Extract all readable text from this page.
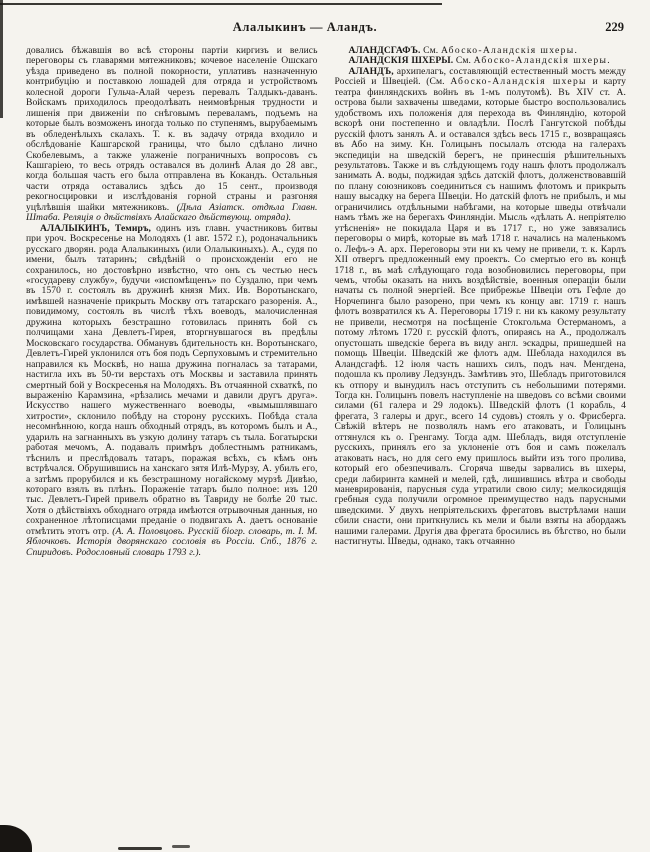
Алалыкинъ — Аландъ.	229

довались бѣжавшія во всѣ стороны партіи киргизъ и велись переговоры съ главарями мятежниковъ; кочевое населеніе Ошскаго уѣзда приведено въ полной покорности, уплативъ назначенную контрибуцію и поставкою лошадей для отряда и устройствомъ колесной дороги Гульча-Алай черезъ перевалъ Талдыкъ-даванъ. Войскамъ приходилось преодолѣвать неимовѣрныя трудности и лишенія при движеніи по снѣговымъ переваламъ, подъемъ на которые былъ возможенъ иногда только по ступенямъ, вырубаемымъ въ обледенѣлыхъ скалахъ. Т. к. въ задачу отряда входило и обслѣдованіе Кашгарской границы, что было сдѣлано лично Скобелевымъ, а также улаженіе пограничныхъ вопросовъ съ Кашгаріею, то весь отрядъ оставался въ долинѣ Алая до 28 авг., когда большая часть его была отправлена въ Кокандъ. Остальныя части отряда оставались здѣсь до 15 сент., производя рекогносцировки и изслѣдованія горной страны и разгоняя уцѣлѣвшія шайки мятежниковъ. (Дѣла Азіатск. отдѣла Главн. Штаба. Реляція о дѣйствіяхъ Алайскаго дѣйствующ. отряда).

АЛАЛЫКИНЪ, Темиръ, одинъ изъ главн. участниковъ битвы при уроч. Воскресенье на Молодяхъ (1 авг. 1572 г.), родоначальникъ русскаго дворян. рода Алалыкиныхъ (или Олалыкиныхъ). А., судя по имени, былъ татаринъ; свѣдѣній о происхожденіи его не сохранилось, но достовѣрно извѣстно, что онъ съ честью несъ «государеву службу», будучи «испомѣщенъ» по Суздалю, при чемъ въ 1570 г. состоялъ въ дружинѣ князя Мих. Ив. Воротынскаго, имѣвшей назначеніе прикрыть Москву отъ татарскаго разоренія. А., повидимому, состоялъ въ числѣ тѣхъ воеводъ, малочисленная дружина которыхъ безстрашно готовилась принять бой съ полчищами хана Девлетъ-Гирея, вторгнувшагося въ предѣлы Московскаго государства. Обманувъ бдительность кн. Воротынскаго, Девлетъ-Гирей уклонился отъ боя подъ Серпуховымъ и стремительно направился къ Москвѣ, но наша дружина погналась за татарами, настигла ихъ въ 50-ти верстахъ отъ Москвы и заставила принять смертный бой у Воскресенья на Молодяхъ. Въ отчаянной схваткѣ, по выраженію Карамзина, «рѣзались мечами и давили другъ друга». Искусство нашего мужественнаго воеводы, «вымышлявшаго хитрости», склонило побѣду на сторону русскихъ. Побѣда стала несомнѣнною, когда нашъ обходный отрядъ, въ которомъ былъ и А., ударилъ на загнанныхъ въ узкую долину татаръ съ тыла. Богатырски работая мечомъ, А. подавалъ примѣръ доблестнымъ ратникамъ, тѣснилъ и преслѣдовалъ татаръ, поражая всѣхъ, съ кѣмъ онъ встрѣчался. Обрушившись на ханскаго зятя Илѣ-Мурзу, А. убилъ его, а затѣмъ прорубился и къ безстрашному ногайскому мурзѣ Дивѣю, котораго взялъ въ плѣнъ. Пораженіе татаръ было полное: изъ 120 тыс. Девлетъ-Гирей привелъ обратно въ Тавриду не болѣе 20 тыс. Хотя о дѣйствіяхъ обходнаго отряда имѣются отрывочныя данныя, но сохраненное лѣтописцами преданіе о подвигахъ А. даетъ основаніе отмѣтить этотъ отр. (А. А. Половцовъ. Русскій біогр. словарь, т. I. М. Яблочковъ. Исторія дворянскаго сословія въ Россіи. Спб., 1876 г. Спиридовъ. Родословный словарь 1793 г.).

АЛАНДСГАФЪ. См. Абоско-Аландскія шхеры.

АЛАНДСКІЯ ШХЕРЫ. См. Абоско-Аландскія шхеры.

АЛАНДЪ, архипелагъ, составляющій естественный мостъ между Россіей и Швеціей. (См. Абоско-Аландскія шхеры и карту театра финляндскихъ войнъ въ 1-мъ полутомѣ). Въ XIV ст. А. острова были захвачены шведами, которые быстро воспользовались удобствомъ ихъ положенія для перехода въ Финляндію, которой вскорѣ они постепенно и овладѣли. Послѣ Гангутской побѣды русскій флотъ занялъ А. и оставался здѣсь весь 1715 г., возвращаясь въ Або на зиму. Кн. Голицынъ посылалъ отсюда на галерахъ экспедиціи на шведскій берегъ, не принесшія рѣшительныхъ результатовъ. Также и въ слѣдующемъ году нашъ флотъ продолжалъ занимать А. воды, поджидая здѣсь датскій флотъ, долженствовавшій по плану союзниковъ соединиться съ нашимъ флотомъ и прикрыть нашу высадку на берега Швеціи. Но датскій флотъ не прибылъ, и мы ограничились отдѣльными набѣгами, на которые шведы отвѣчали намъ тѣмъ же на берегахъ Финляндіи. Мысль «дѣлать А. непріятелю утѣсненія» не покидала Царя и въ 1717 г., но уже завязались переговоры о мирѣ, которые въ маѣ 1718 г. начались на маленькомъ о. Лефъ-э А. арх. Переговоры эти ни къ чему не привели, т. к. Карлъ XII отвергъ предложенный ему проектъ. Со смертью его въ концѣ 1718 г., въ маѣ слѣдующаго года возобновились переговоры, при чемъ, чтобы оказать на нихъ воздѣйствіе, военныя операціи были начаты съ полной энергіей. Все прибрежье Швеціи отъ Гефле до Норчепинга было разорено, при чемъ къ концу авг. 1719 г. нашъ флотъ возвратился къ А. Переговоры 1719 г. ни къ какому результату не привели, несмотря на посѣщеніе Стокгольма Остерманомъ, а потому лѣтомъ 1720 г. русскій флотъ, опираясь на А., продолжалъ опустошать шведскіе берега въ виду англ. эскадры, пришедшей на помощь Швеціи. Шведскій же флотъ адм. Шеблада находился въ Аландсгафѣ. 12 іюля часть нашихъ силъ, подъ нач. Менгдена, подошла къ проливу Ледзундъ. Замѣтивъ это, Шебладъ приготовился къ отпору и вынудилъ насъ отступить съ небольшими потерями. Тогда кн. Голицынъ повелъ наступленіе на шведовъ со всѣми своими силами (61 галера и 29 лодокъ). Шведскій флотъ (1 корабль, 4 фрегата, 3 галеры и друг., всего 14 судовъ) стоялъ у о. Фрисберга. Свѣжій вѣтеръ не позволялъ намъ его атаковать, и Голицынъ оттянулся къ о. Гренгаму. Тогда адм. Шебладъ, видя отступленіе русскихъ, принялъ его за уклоненіе отъ боя и самъ пожелалъ атаковать насъ, но для сего ему пришлось выйти изъ того пролива, который его обезпечивалъ. Сгоряча шведы зарвались въ шхеры, среди лабиринта камней и мелей, гдѣ, лишившись вѣтра и свободы маневрированія, парусныя суда утратили свою силу; мелкосидящія гребныя суда получили огромное преимущество надъ парусными шведскими. У двухъ непріятельскихъ фрегатовъ выстрѣлами наши сбили снасти, они приткнулись къ мели и были взяты на абордажъ нашими галерами. Другія два фрегата бросились въ бѣгство, но были настигнуты. Шведы, однако, такъ отчаянно
